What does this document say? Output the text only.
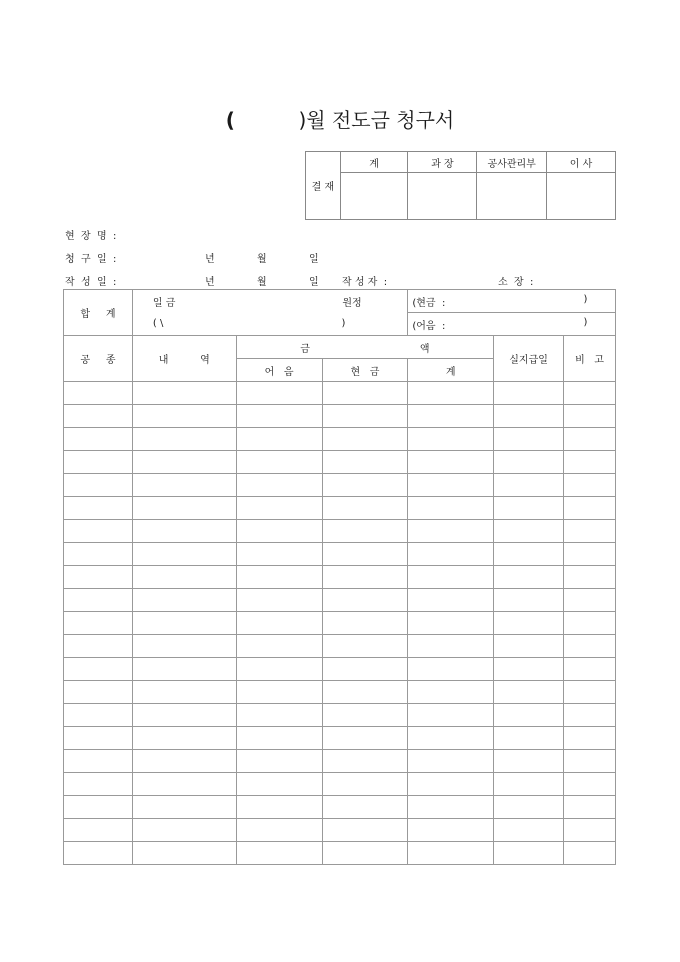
(	)월 전도금 청구서
결 재	계	과 장	공사관리부	이 사

현  장  명  :

청  구  일  :

	년

	월

	일

작  성  일  :

	년

	월

	일

작 성 자  :

	소  장  :

합     계	일 금 원정			(현금  : )		

	( \ )			(어음  : )		

공     종	내          역	금 액			실지급일	비   고
		어   음	현   금	계		
